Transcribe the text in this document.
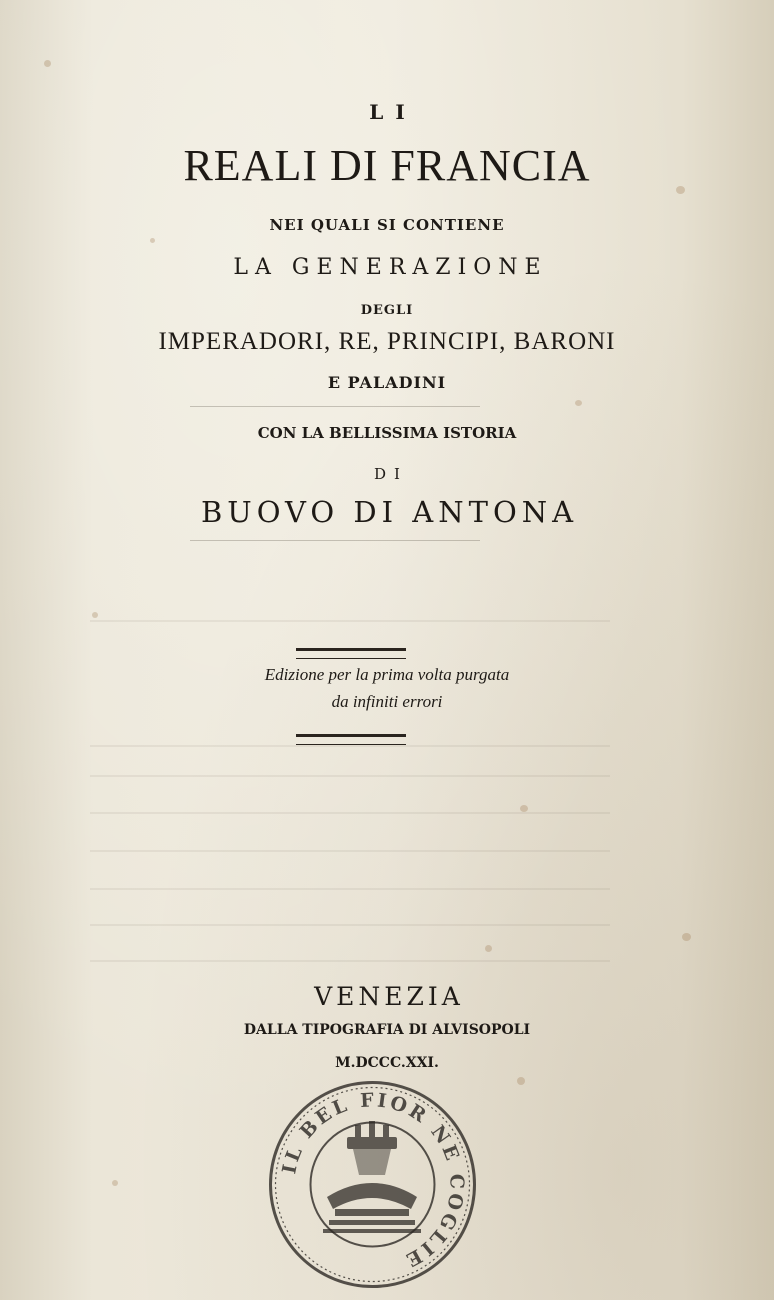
LI

REALI DI FRANCIA

NEI QUALI SI CONTIENE

LA GENERAZIONE

DEGLI

IMPERADORI, RE, PRINCIPI, BARONI

E PALADINI

CON LA BELLISSIMA ISTORIA

DI

BUOVO DI ANTONA

Edizione per la prima volta purgata

da infiniti errori

VENEZIA

DALLA TIPOGRAFIA DI ALVISOPOLI

M.DCCC.XXI.

IL BEL FIOR NE COGLIE
